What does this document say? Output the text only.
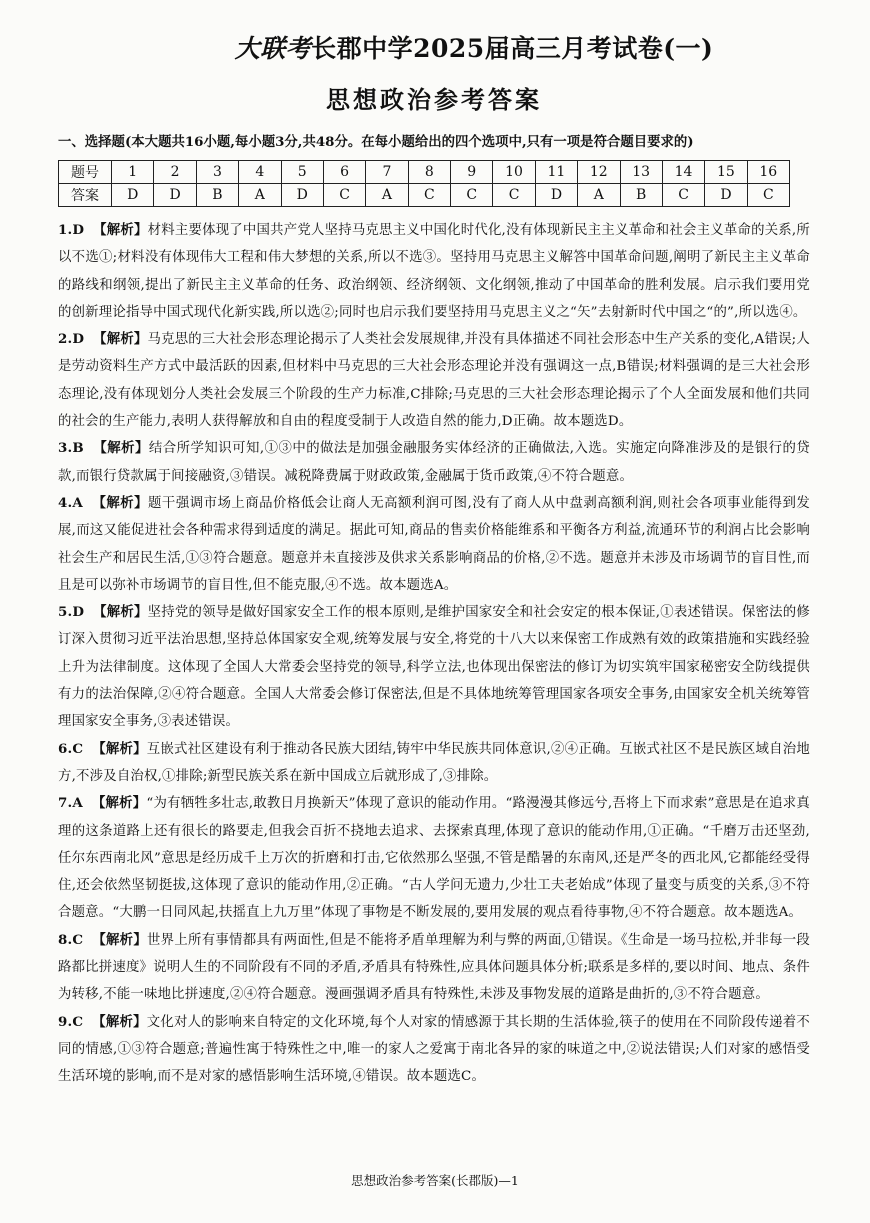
大联考长郡中学2025届高三月考试卷(一)
思想政治参考答案
一、选择题(本大题共16小题,每小题3分,共48分。在每小题给出的四个选项中,只有一项是符合题目要求的)
题号	1	2	3	4	5	6	7	8	9	10	11	12	13	14	15	16
答案	D	D	B	A	D	C	A	C	C	C	D	A	B	C	D	C

1.D 【解析】材料主要体现了中国共产党人坚持马克思主义中国化时代化,没有体现新民主主义革命和社会主义革命的关系,所以不选①;材料没有体现伟大工程和伟大梦想的关系,所以不选③。坚持用马克思主义解答中国革命问题,阐明了新民主主义革命的路线和纲领,提出了新民主主义革命的任务、政治纲领、经济纲领、文化纲领,推动了中国革命的胜利发展。启示我们要用党的创新理论指导中国式现代化新实践,所以选②;同时也启示我们要坚持用马克思主义之“矢”去射新时代中国之“的”,所以选④。

2.D 【解析】马克思的三大社会形态理论揭示了人类社会发展规律,并没有具体描述不同社会形态中生产关系的变化,A错误;人是劳动资料生产方式中最活跃的因素,但材料中马克思的三大社会形态理论并没有强调这一点,B错误;材料强调的是三大社会形态理论,没有体现划分人类社会发展三个阶段的生产力标准,C排除;马克思的三大社会形态理论揭示了个人全面发展和他们共同的社会的生产能力,表明人获得解放和自由的程度受制于人改造自然的能力,D正确。故本题选D。

3.B 【解析】结合所学知识可知,①③中的做法是加强金融服务实体经济的正确做法,入选。实施定向降准涉及的是银行的贷款,而银行贷款属于间接融资,③错误。减税降费属于财政政策,金融属于货币政策,④不符合题意。

4.A 【解析】题干强调市场上商品价格低会让商人无高额利润可图,没有了商人从中盘剥高额利润,则社会各项事业能得到发展,而这又能促进社会各种需求得到适度的满足。据此可知,商品的售卖价格能维系和平衡各方利益,流通环节的利润占比会影响社会生产和居民生活,①③符合题意。题意并未直接涉及供求关系影响商品的价格,②不选。题意并未涉及市场调节的盲目性,而且是可以弥补市场调节的盲目性,但不能克服,④不选。故本题选A。

5.D 【解析】坚持党的领导是做好国家安全工作的根本原则,是维护国家安全和社会安定的根本保证,①表述错误。保密法的修订深入贯彻习近平法治思想,坚持总体国家安全观,统筹发展与安全,将党的十八大以来保密工作成熟有效的政策措施和实践经验上升为法律制度。这体现了全国人大常委会坚持党的领导,科学立法,也体现出保密法的修订为切实筑牢国家秘密安全防线提供有力的法治保障,②④符合题意。全国人大常委会修订保密法,但是不具体地统筹管理国家各项安全事务,由国家安全机关统筹管理国家安全事务,③表述错误。

6.C 【解析】互嵌式社区建设有利于推动各民族大团结,铸牢中华民族共同体意识,②④正确。互嵌式社区不是民族区域自治地方,不涉及自治权,①排除;新型民族关系在新中国成立后就形成了,③排除。

7.A 【解析】“为有牺牲多壮志,敢教日月换新天”体现了意识的能动作用。“路漫漫其修远兮,吾将上下而求索”意思是在追求真理的这条道路上还有很长的路要走,但我会百折不挠地去追求、去探索真理,体现了意识的能动作用,①正确。“千磨万击还坚劲,任尔东西南北风”意思是经历成千上万次的折磨和打击,它依然那么坚强,不管是酷暑的东南风,还是严冬的西北风,它都能经受得住,还会依然坚韧挺拔,这体现了意识的能动作用,②正确。“古人学问无遗力,少壮工夫老始成”体现了量变与质变的关系,③不符合题意。“大鹏一日同风起,扶摇直上九万里”体现了事物是不断发展的,要用发展的观点看待事物,④不符合题意。故本题选A。

8.C 【解析】世界上所有事情都具有两面性,但是不能将矛盾单理解为利与弊的两面,①错误。《生命是一场马拉松,并非每一段路都比拼速度》说明人生的不同阶段有不同的矛盾,矛盾具有特殊性,应具体问题具体分析;联系是多样的,要以时间、地点、条件为转移,不能一味地比拼速度,②④符合题意。漫画强调矛盾具有特殊性,未涉及事物发展的道路是曲折的,③不符合题意。

9.C 【解析】文化对人的影响来自特定的文化环境,每个人对家的情感源于其长期的生活体验,筷子的使用在不同阶段传递着不同的情感,①③符合题意;普遍性寓于特殊性之中,唯一的家人之爱寓于南北各异的家的味道之中,②说法错误;人们对家的感悟受生活环境的影响,而不是对家的感悟影响生活环境,④错误。故本题选C。

思想政治参考答案(长郡版)—1
